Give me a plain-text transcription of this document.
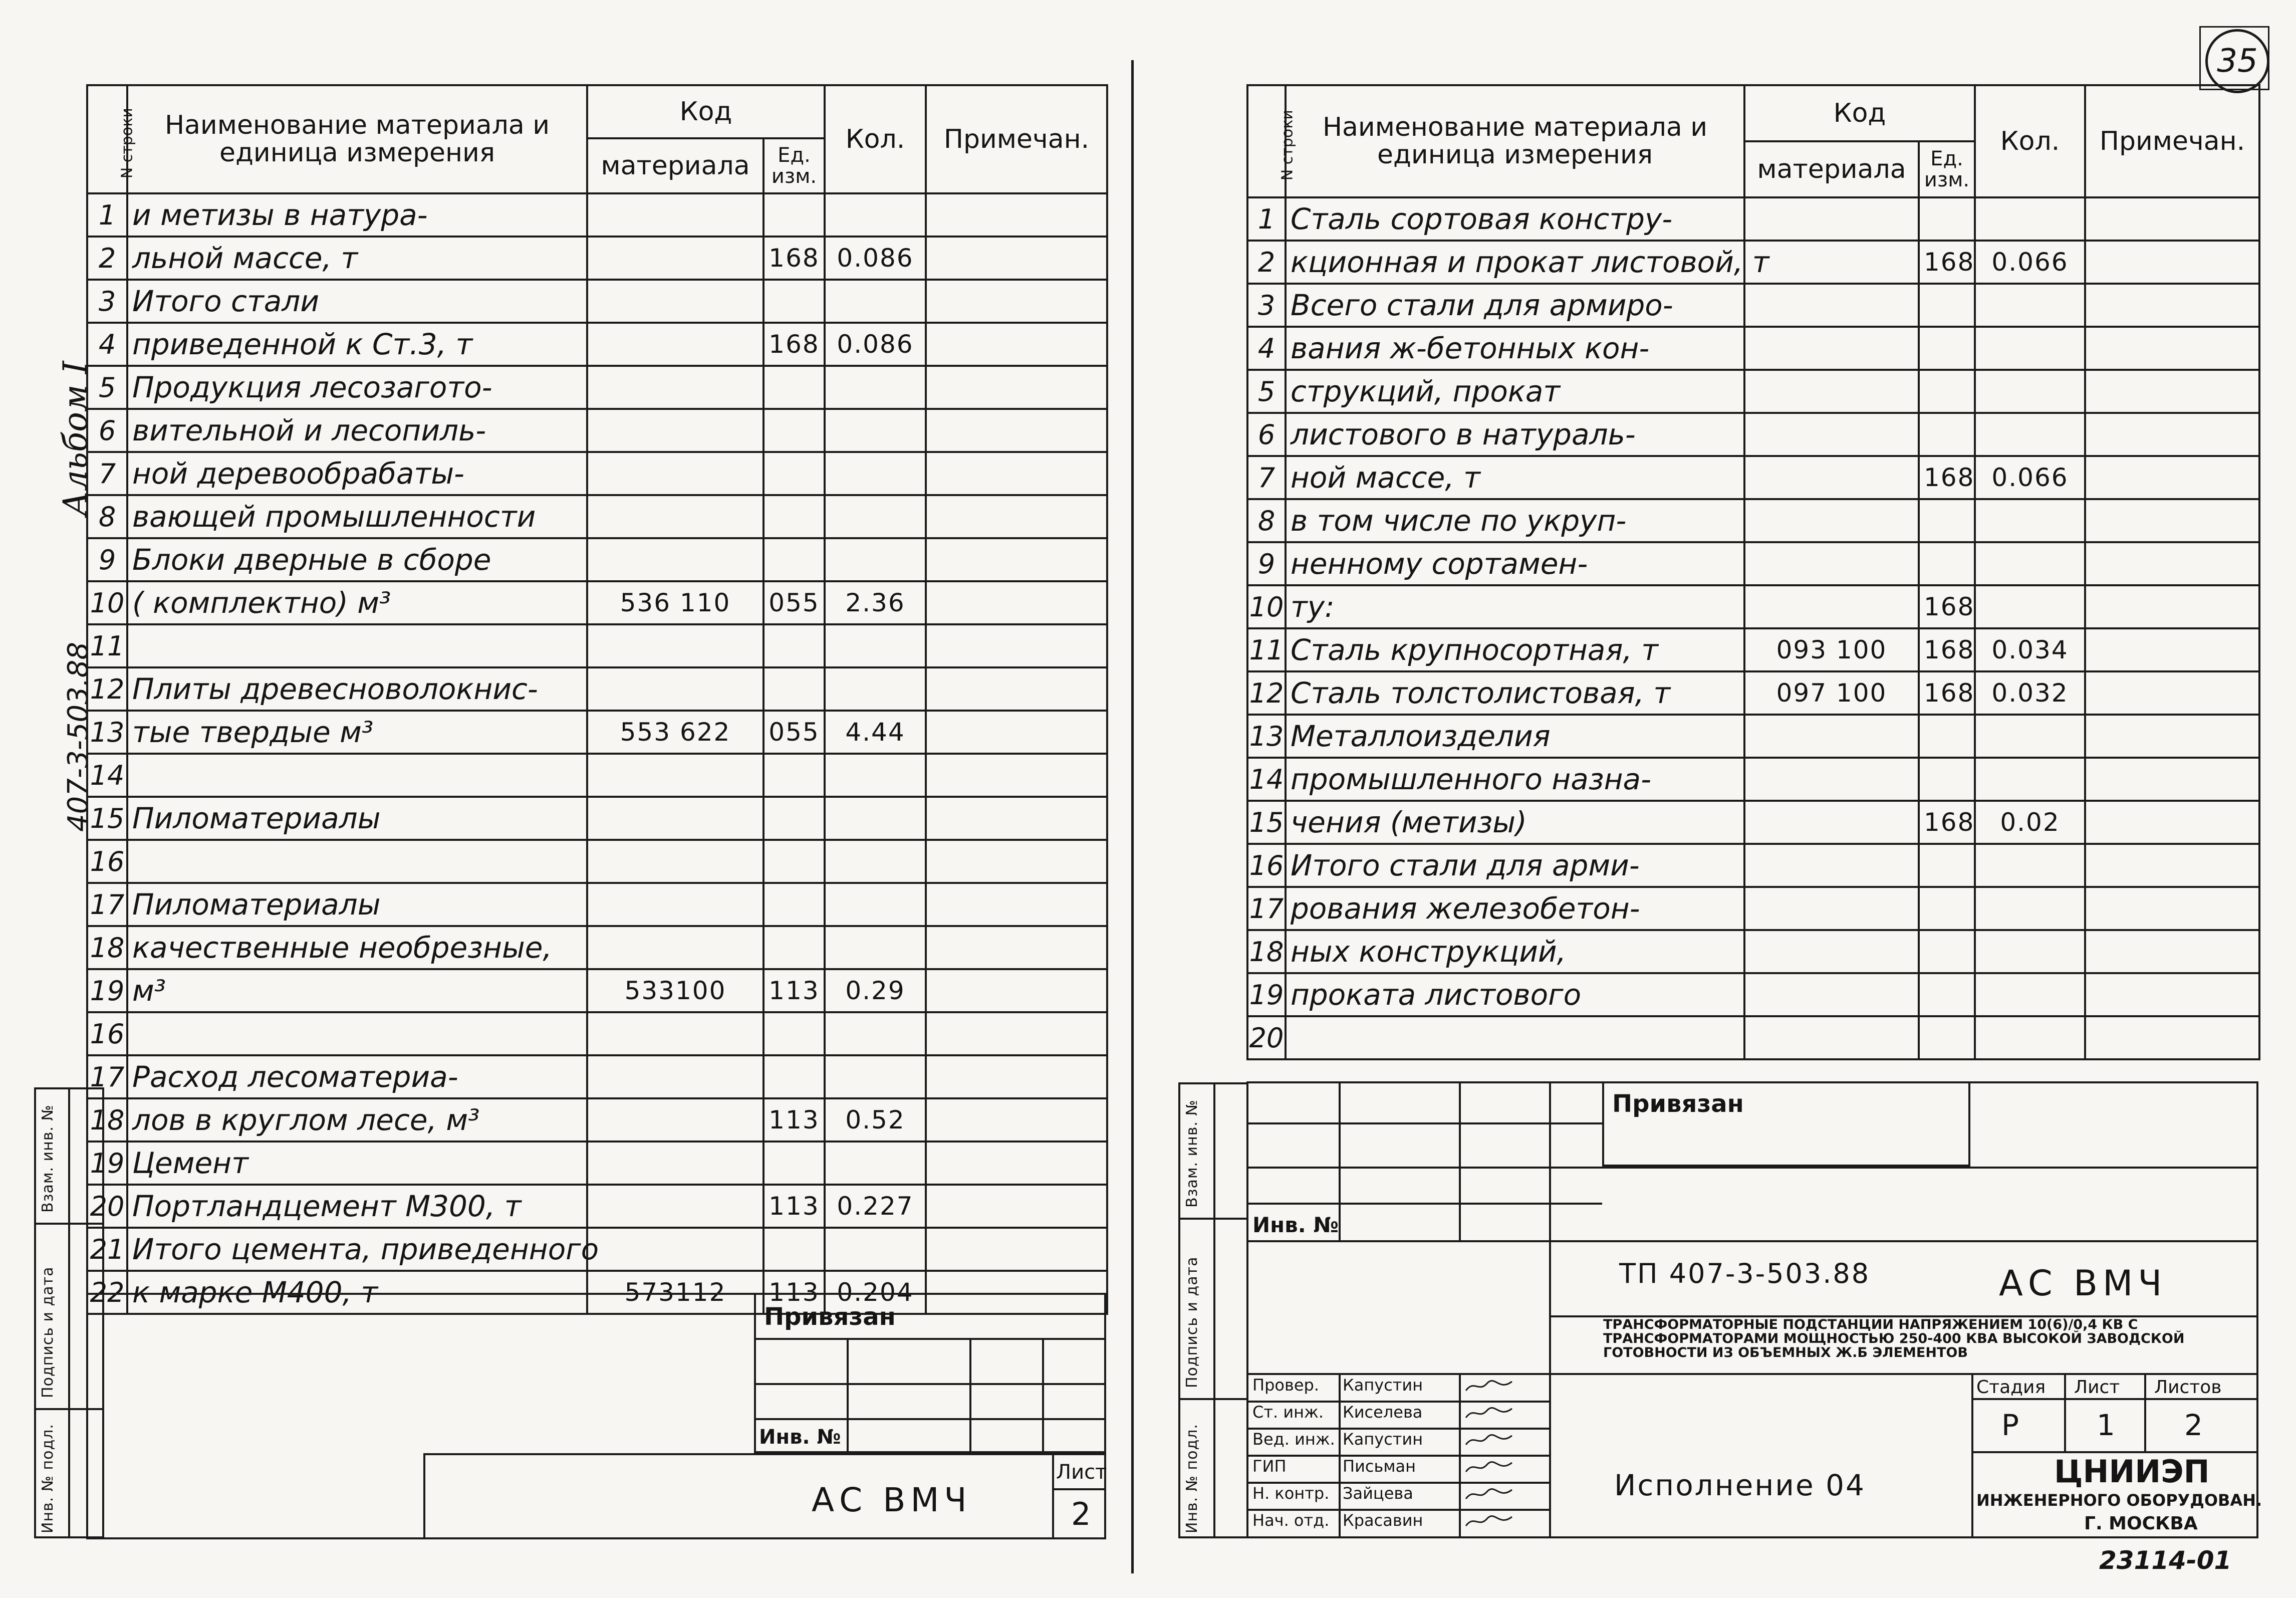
35
Альбом I
407-3-503.88
Инв. № подл.
Подпись и дата
Взам. инв. №
N строки	Наименование материала и единица измерения	Код		Кол.	Примечан.
		материала	Ед. изм.		
1	и метизы в натура-				
2	льной массе, т		168	0.086	
3	Итого стали				
4	приведенной к Ст.3, т		168	0.086	
5	Продукция лесозагото-				
6	вительной и лесопиль-				
7	ной деревообрабаты-				
8	вающей промышленности				
9	Блоки дверные в сборе				
10	( комплектно) м³	536 110	055	2.36	
11					
12	Плиты древесноволокнис-				
13	тые твердые м³	553 622	055	4.44	
14					
15	Пиломатериалы				
16					
17	Пиломатериалы				
18	качественные необрезные,				
19	м³	533100	113	0.29	
16					
17	Расход лесоматериа-				
18	лов в круглом лесе, м³		113	0.52	
19	Цемент				
20	Портландцемент М300, т		113	0.227	
21	Итого цемента, приведенного				
22	к марке М400, т	573112	113	0.204	
Привязан
Инв. №
АС ВМЧ
Лист
2	Инв. № подл.
Подпись и дата
Взам. инв. №
N строки	Наименование материала и единица измерения	Код		Кол.	Примечан.
		материала	Ед. изм.		
1	Сталь сортовая констру-				
2	кционная и прокат листовой, т		168	0.066	
3	Всего стали для армиро-				
4	вания ж-бетонных кон-				
5	струкций, прокат				
6	листового в натураль-				
7	ной массе, т		168	0.066	
8	в том числе по укруп-				
9	ненному сортамен-				
10	ту:		168		
11	Сталь крупносортная, т	093 100	168	0.034	
12	Сталь толстолистовая, т	097 100	168	0.032	
13	Металлоизделия				
14	промышленного назна-				
15	чения (метизы)		168	0.02	
16	Итого стали для арми-				
17	рования железобетон-				
18	ных конструкций,				
19	проката листового				
20					
Привязан
Инв. №
ТП 407-3-503.88	АС ВМЧ
ТРАНСФОРМАТОРНЫЕ ПОДСТАНЦИИ НАПРЯЖЕНИЕМ 10(6)/0,4 КВ С ТРАНСФОРМАТОРАМИ МОЩНОСТЬЮ 250-400 КВА ВЫСОКОЙ ЗАВОДСКОЙ ГОТОВНОСТИ ИЗ ОБЪЕМНЫХ Ж.Б ЭЛЕМЕНТОВ
Провер. Капустин
Ст. инж. Киселева
Вед. инж. Капустин
ГИП	Письман
Н. контр. Зайцева
Нач. отд. Красавин
Стадия Лист Листов
Р	1 2
Исполнение 04	ЦНИИЭП
ИНЖЕНЕРНОГО ОБОРУДОВАН.
Г. МОСКВА
23114-01
